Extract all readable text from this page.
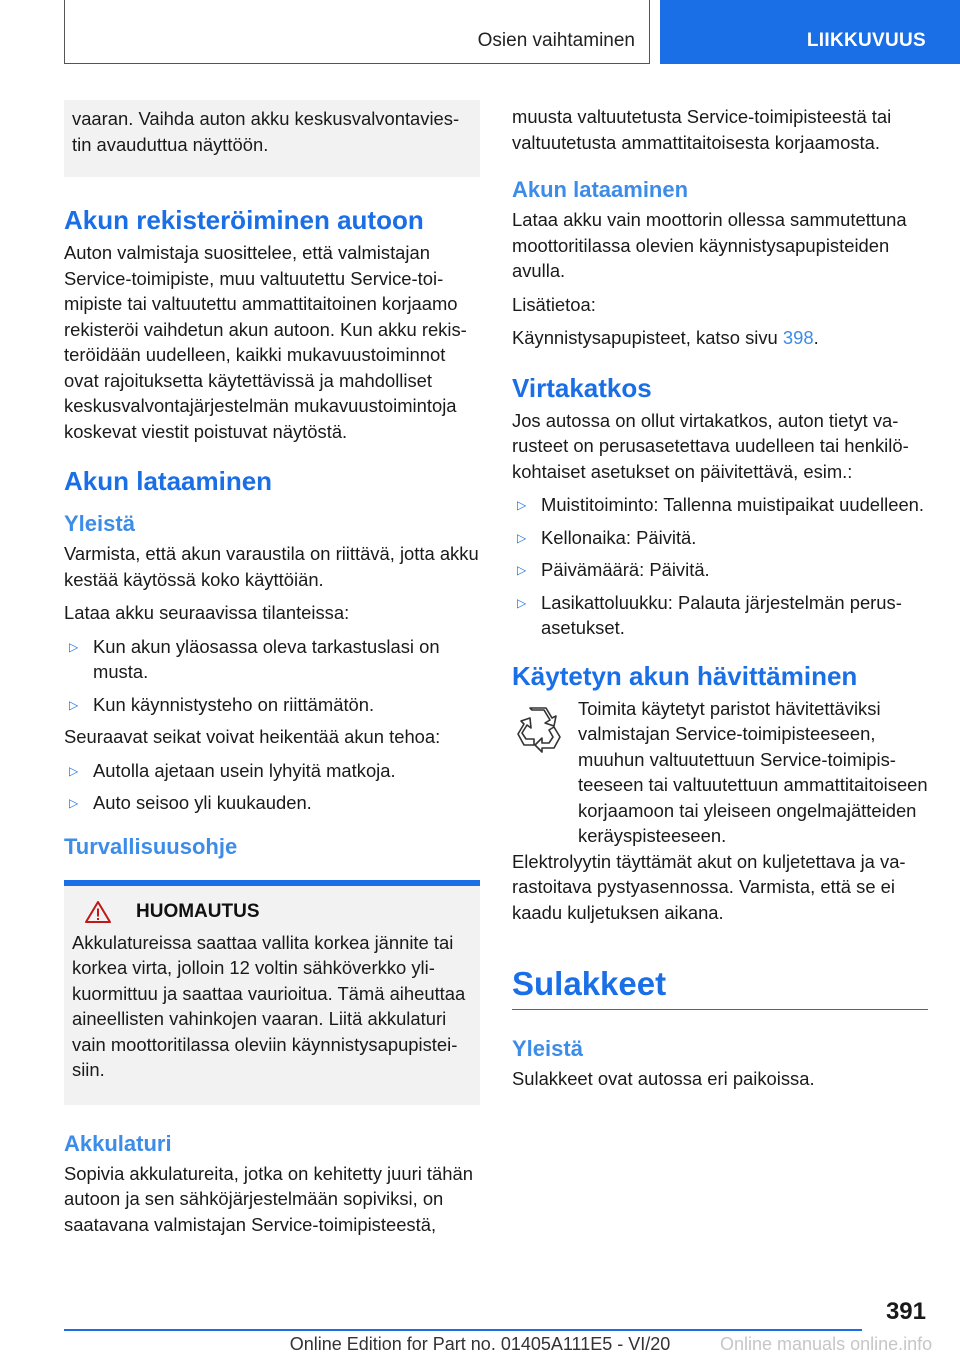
Osien vaihtaminen	LIIKKUVUUS

vaaran. Vaihda auton akku keskusvalvontaviestin avauduttua näyttöön.

Akun rekisteröiminen autoon

Auton valmistaja suosittelee, että valmistajan Service-toimipiste, muu valtuutettu Service-toimipiste tai valtuutettu ammattitaitoinen korjaamo rekisteröi vaihdetun akun autoon. Kun akku rekisteröidään uudelleen, kaikki mukavuustoiminnot ovat rajoituksetta käytettävissä ja mahdolliset keskusvalvontajärjestelmän mukavuustoimintoja koskevat viestit poistuvat näytöstä.

Akun lataaminen
Yleistä

Varmista, että akun varaustila on riittävä, jotta akku kestää käytössä koko käyttöiän.

Lataa akku seuraavissa tilanteissa:

▷ Kun akun yläosassa oleva tarkastuslasi on musta.
▷ Kun käynnistysteho on riittämätön.

Seuraavat seikat voivat heikentää akun tehoa:

▷ Autolla ajetaan usein lyhyitä matkoja.
▷ Auto seisoo yli kuukauden.
Turvallisuusohje
HUOMAUTUS

Akkulatureissa saattaa vallita korkea jännite tai korkea virta, jolloin 12 voltin sähköverkko ylikuormittuu ja saattaa vaurioitua. Tämä aiheuttaa aineellisten vahinkojen vaaran. Liitä akkulaturi vain moottoritilassa oleviin käynnistysapupisteisiin.

Akkulaturi

Sopivia akkulatureita, jotka on kehitetty juuri tähän autoon ja sen sähköjärjestelmään sopiviksi, on saatavana valmistajan Service-toimipisteestä,

muusta valtuutetusta Service-toimipisteestä tai valtuutetusta ammattitaitoisesta korjaamosta.

Akun lataaminen

Lataa akku vain moottorin ollessa sammutettuna moottoritilassa olevien käynnistysapupisteiden avulla.

Lisätietoa:

Käynnistysapupisteet, katso sivu 398.

Virtakatkos

Jos autossa on ollut virtakatkos, auton tietyt varusteet on perusasetettava uudelleen tai henkilökohtaiset asetukset on päivitettävä, esim.:

▷ Muistitoiminto: Tallenna muistipaikat uudelleen.
▷ Kellonaika: Päivitä.
▷ Päivämäärä: Päivitä.
▷ Lasikattoluukku: Palauta järjestelmän perusasetukset.
Käytetyn akun hävittäminen

Toimita käytetyt paristot hävitettäviksi valmistajan Service-toimipisteeseen, muuhun valtuutettuun Service-toimipisteeseen tai valtuutettuun ammattitaitoiseen korjaamoon tai yleiseen ongelmajätteiden keräyspisteeseen.

Elektrolyytin täyttämät akut on kuljetettava ja varastoitava pystyasennossa. Varmista, että se ei kaadu kuljetuksen aikana.

Sulakkeet
Yleistä

Sulakkeet ovat autossa eri paikoissa.

391
Online Edition for Part no. 01405A111E5 - VI/20	Online manuals online.info
